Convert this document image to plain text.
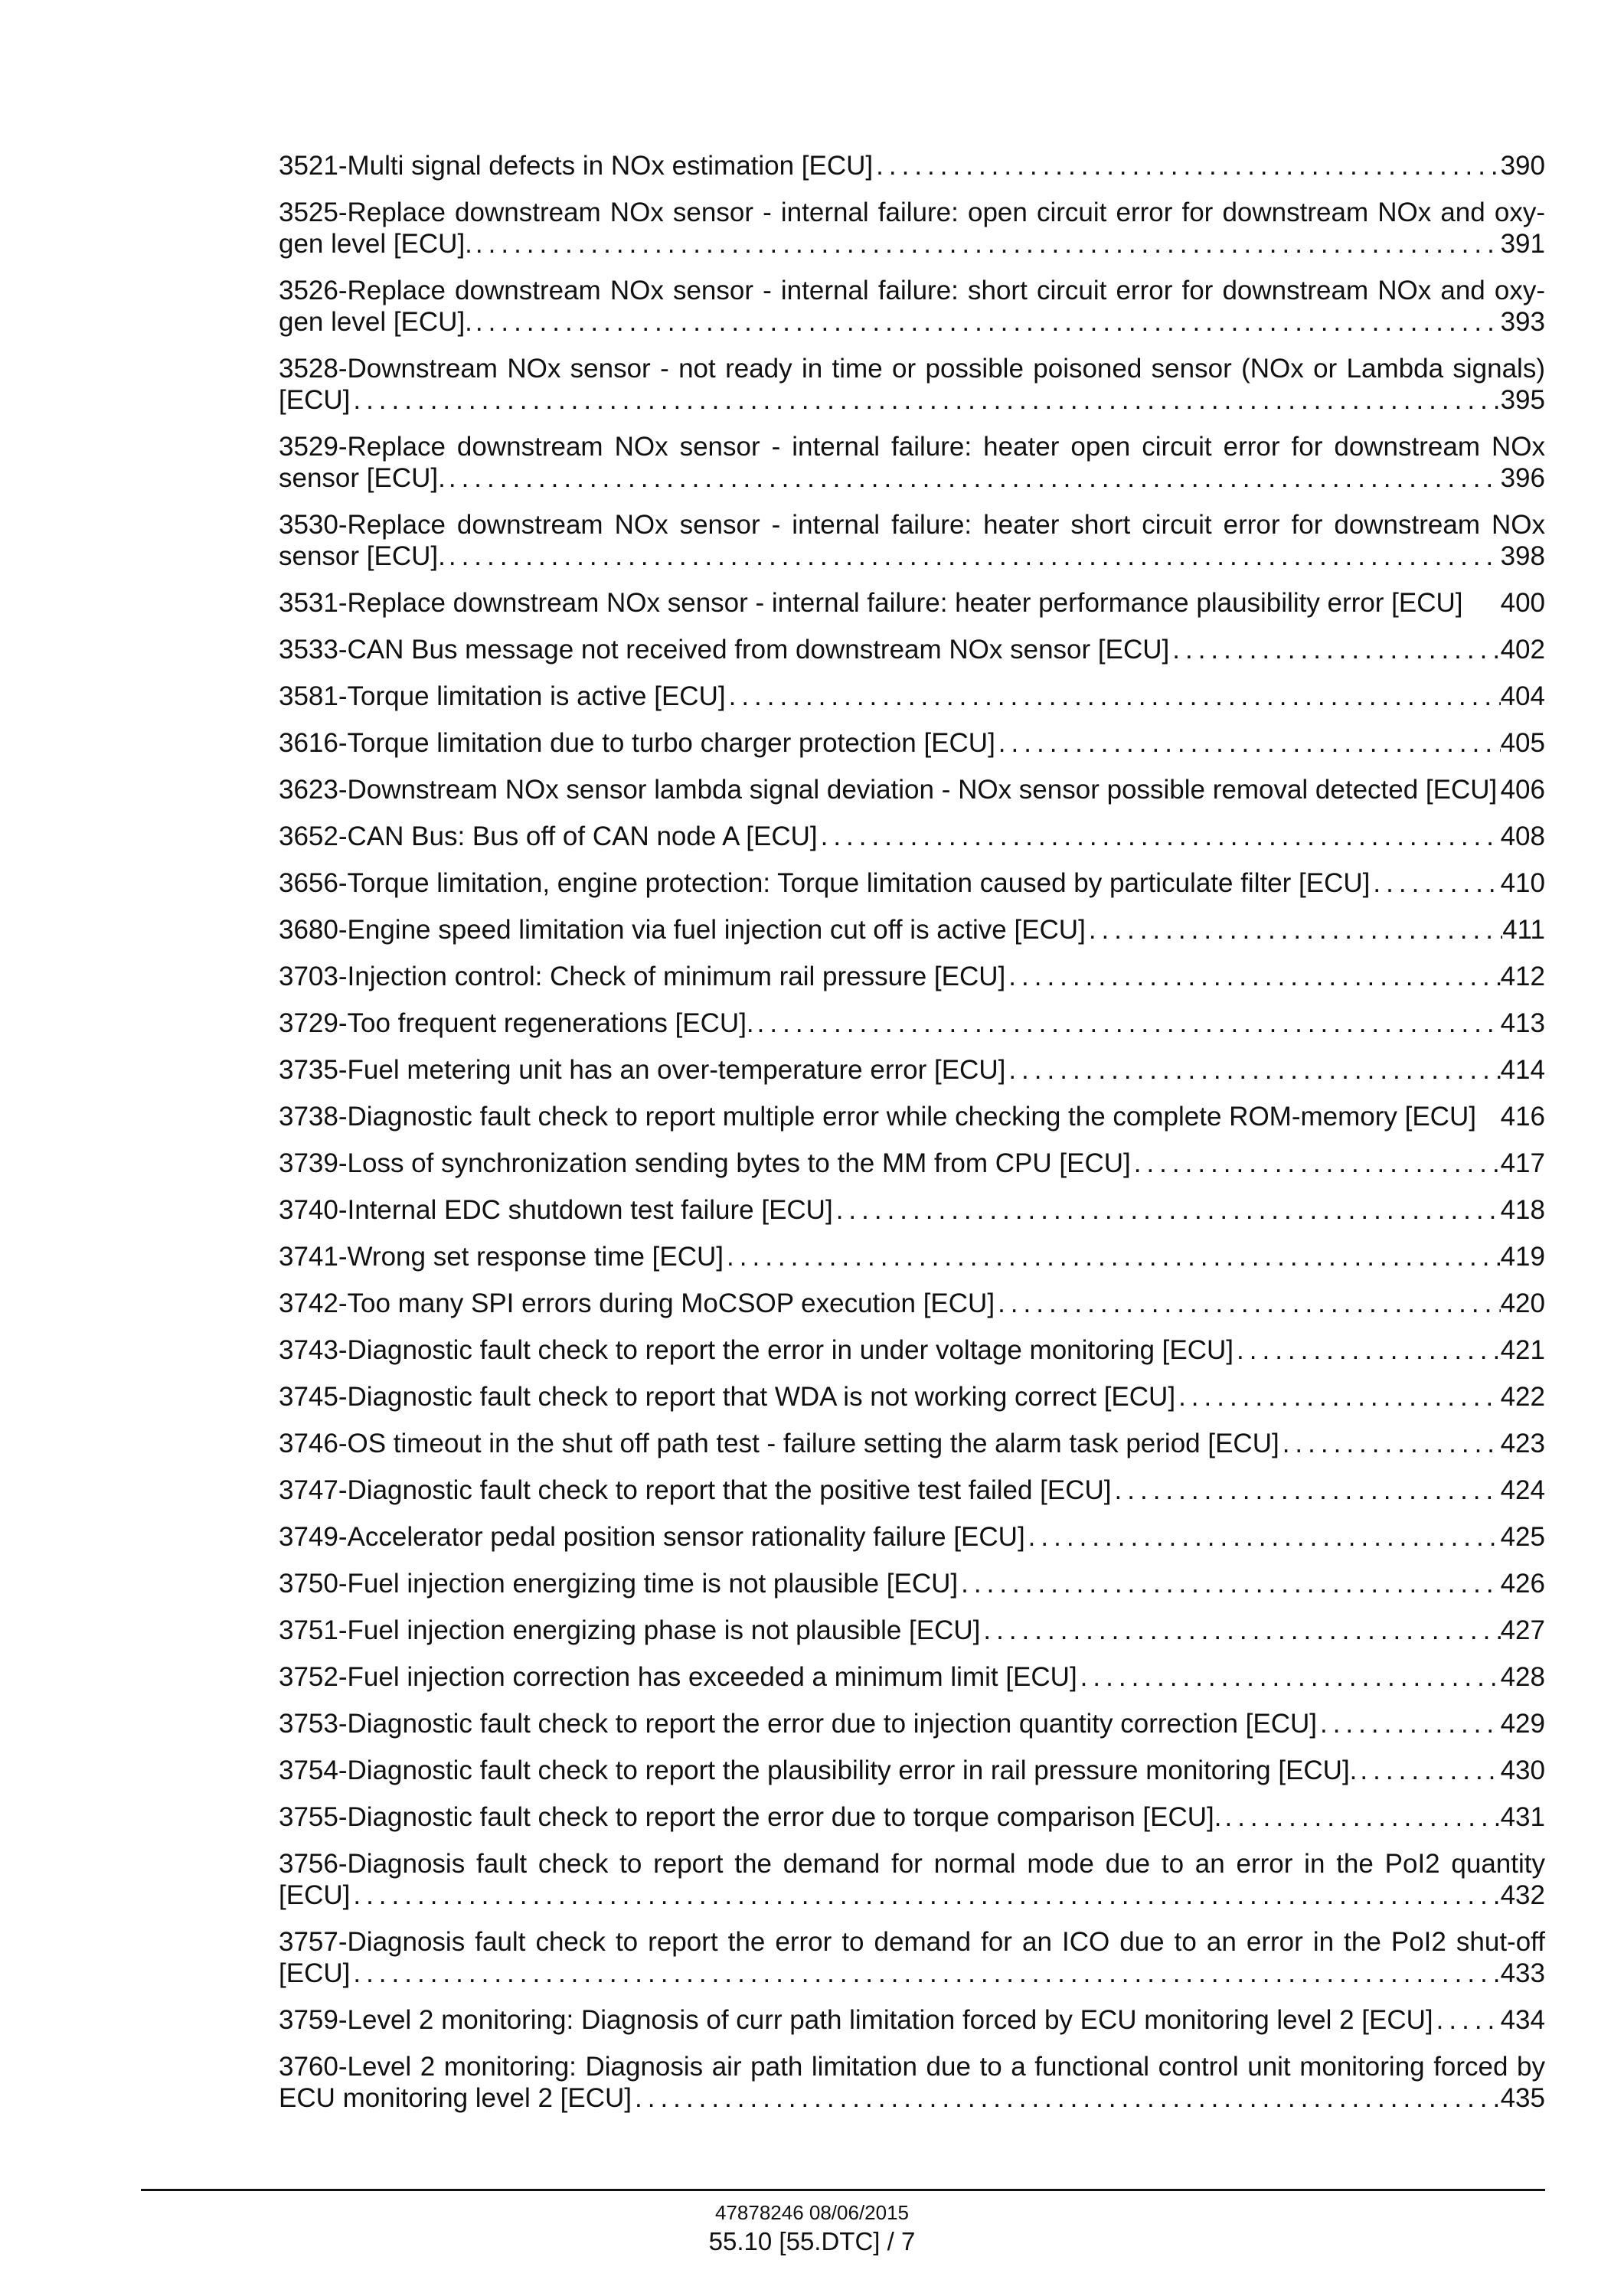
3521-Multi signal defects in NOx estimation [ECU] .....	390
3525-Replace downstream NOx sensor - internal failure: open circuit error for downstream NOx and oxy-
gen level [ECU]. .....	391
3526-Replace downstream NOx sensor - internal failure: short circuit error for downstream NOx and oxy-
gen level [ECU]. .....	393
3528-Downstream NOx sensor - not ready in time or possible poisoned sensor (NOx or Lambda signals)
[ECU] .....	395
3529-Replace downstream NOx sensor - internal failure: heater open circuit error for downstream NOx
sensor [ECU]. .....	396
3530-Replace downstream NOx sensor - internal failure: heater short circuit error for downstream NOx
sensor [ECU]. .....	398
3531-Replace downstream NOx sensor - internal failure: heater performance plausibility error [ECU]	400
3533-CAN Bus message not received from downstream NOx sensor [ECU] .....	402
3581-Torque limitation is active [ECU] .....	404
3616-Torque limitation due to turbo charger protection [ECU] .....	405
3623-Downstream NOx sensor lambda signal deviation - NOx sensor possible removal detected [ECU] 406
3652-CAN Bus: Bus off of CAN node A [ECU] .....	408
3656-Torque limitation, engine protection: Torque limitation caused by particulate filter [ECU] .....	410
3680-Engine speed limitation via fuel injection cut off is active [ECU] .....	411
3703-Injection control: Check of minimum rail pressure [ECU] .....	412
3729-Too frequent regenerations [ECU]. .....	413
3735-Fuel metering unit has an over-temperature error [ECU] .....	414
3738-Diagnostic fault check to report multiple error while checking the complete ROM-memory [ECU] 416
3739-Loss of synchronization sending bytes to the MM from CPU [ECU] .....	417
3740-Internal EDC shutdown test failure [ECU] .....	418
3741-Wrong set response time [ECU] .....	419
3742-Too many SPI errors during MoCSOP execution [ECU] .....	420
3743-Diagnostic fault check to report the error in under voltage monitoring [ECU] .....	421
3745-Diagnostic fault check to report that WDA is not working correct [ECU] .....	422
3746-OS timeout in the shut off path test - failure setting the alarm task period [ECU] .....	423
3747-Diagnostic fault check to report that the positive test failed [ECU] .....	424
3749-Accelerator pedal position sensor rationality failure [ECU] .....	425
3750-Fuel injection energizing time is not plausible [ECU] .....	426
3751-Fuel injection energizing phase is not plausible [ECU] .....	427
3752-Fuel injection correction has exceeded a minimum limit [ECU] .....	428
3753-Diagnostic fault check to report the error due to injection quantity correction [ECU] .....	429
3754-Diagnostic fault check to report the plausibility error in rail pressure monitoring [ECU]. .....	430
3755-Diagnostic fault check to report the error due to torque comparison [ECU]. .....	431
3756-Diagnosis fault check to report the demand for normal mode due to an error in the PoI2 quantity
[ECU] .....	432
3757-Diagnosis fault check to report the error to demand for an ICO due to an error in the PoI2 shut-off
[ECU] .....	433
3759-Level 2 monitoring: Diagnosis of curr path limitation forced by ECU monitoring level 2 [ECU] .....	434
3760-Level 2 monitoring: Diagnosis air path limitation due to a functional control unit monitoring forced by
ECU monitoring level 2 [ECU] .....	435
47878246 08/06/2015
55.10 [55.DTC] / 7
